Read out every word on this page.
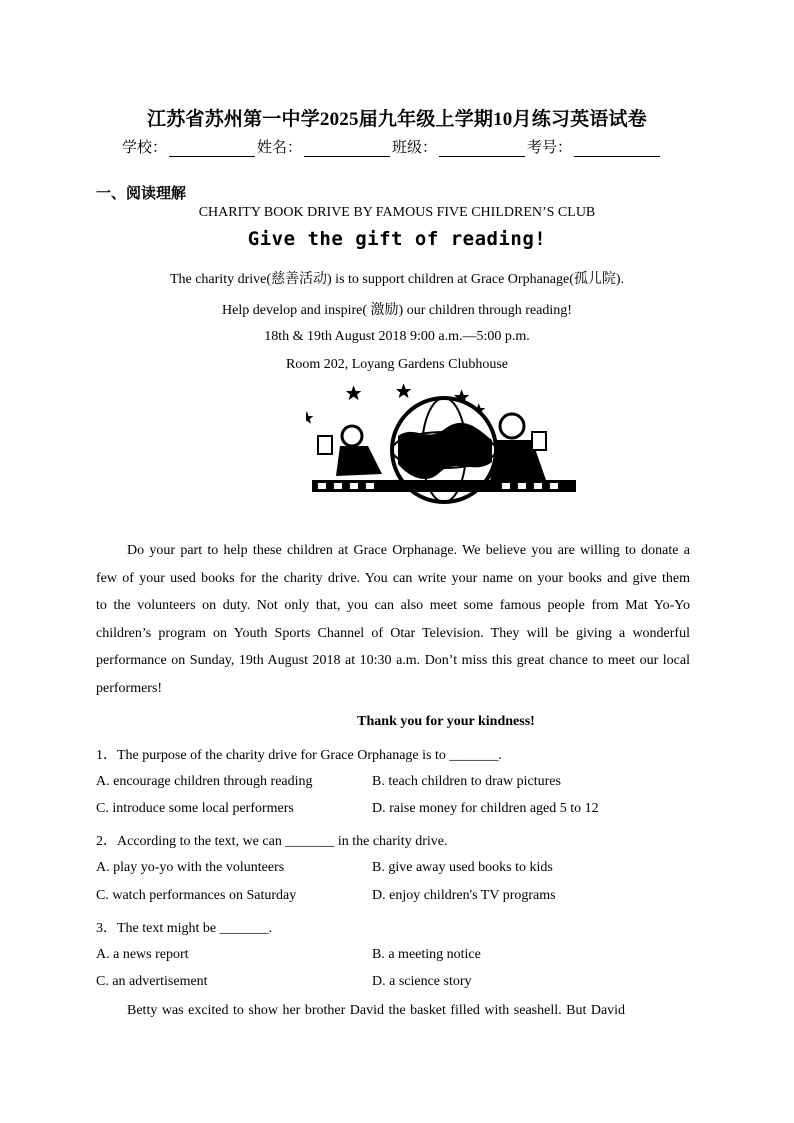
江苏省苏州第一中学2025届九年级上学期10月练习英语试卷
学校：	姓名：	班级：	考号：
一、阅读理解
CHARITY BOOK DRIVE BY FAMOUS FIVE CHILDREN’S CLUB
Give the gift of reading!
The charity drive(慈善活动) is to support children at Grace Orphanage(孤儿院).
Help develop and inspire( 激励) our children through reading!
18th & 19th August 2018 9:00 a.m.—5:00 p.m.
Room 202, Loyang Gardens Clubhouse
Do your part to help these children at Grace Orphanage. We believe you are willing to donate a few of your used books for the charity drive. You can write your name on your books and give them to the volunteers on duty. Not only that, you can also meet some famous people from Mat Yo-Yo children’s program on Youth Sports Channel of Otar Television. They will be giving a wonderful performance on Sunday, 19th August 2018 at 10:30 a.m. Don’t miss this great chance to meet our local performers!
Thank you for your kindness!
1．The purpose of the charity drive for Grace Orphanage is to _______.
A. encourage children through reading	B. teach children to draw pictures
C. introduce some local performers	D. raise money for children aged 5 to 12
2．According to the text, we can _______ in the charity drive.
A. play yo-yo with the volunteers	B. give away used books to kids
C. watch performances on Saturday	D. enjoy children's TV programs
3．The text might be _______.
A. a news report	B. a meeting notice
C. an advertisement	D. a science story
Betty was excited to show her brother David the basket filled with seashell. But David
